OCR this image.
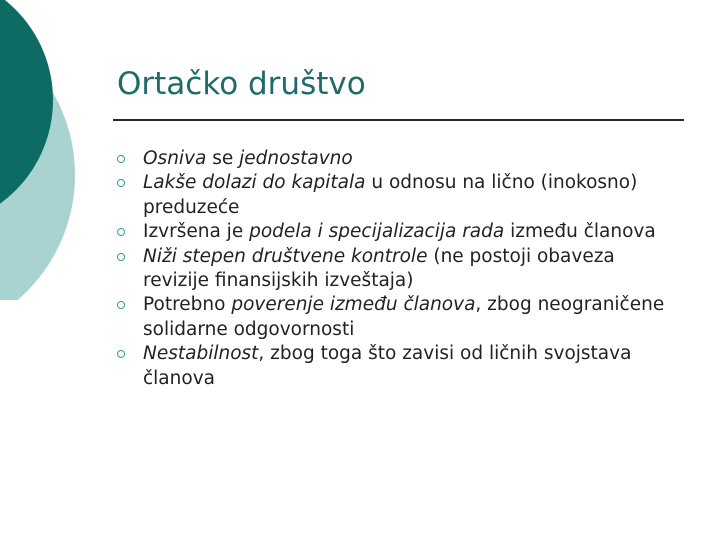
Ortačko društvo
Osniva se jednostavno
Lakše dolazi do kapitala u odnosu na lično (inokosno) preduzeće
Izvršena je podela i specijalizacija rada između članova
Niži stepen društvene kontrole (ne postoji obaveza revizije finansijskih izveštaja)
Potrebno poverenje između članova, zbog neograničene solidarne odgovornosti
Nestabilnost, zbog toga što zavisi od ličnih svojstava članova
